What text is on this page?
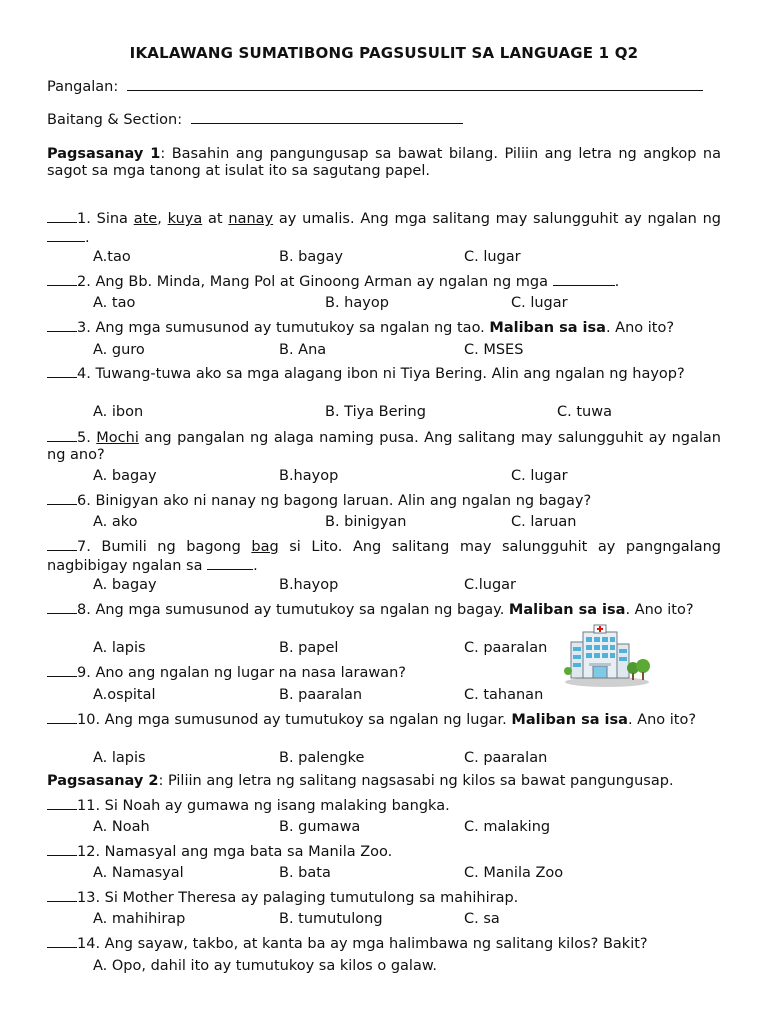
IKALAWANG SUMATIBONG PAGSUSULIT SA LANGUAGE 1 Q2
Pangalan:
Baitang & Section:
Pagsasanay 1: Basahin ang pangungusap sa bawat bilang. Piliin ang letra ng angkop na sagot sa mga tanong at isulat ito sa sagutang papel.
1. Sina ate, kuya at nanay ay umalis. Ang mga salitang may salungguhit ay ngalan ng .
A.tao	B. bagay	C. lugar
2. Ang Bb. Minda, Mang Pol at Ginoong Arman ay ngalan ng mga	.
A. tao	B. hayop	C. lugar
3. Ang mga sumusunod ay tumutukoy sa ngalan ng tao. Maliban sa isa. Ano ito?
A. guro	B. Ana	C. MSES
4. Tuwang-tuwa ako sa mga alagang ibon ni Tiya Bering. Alin ang ngalan ng hayop?
A. ibon	B. Tiya Bering	C. tuwa
5. Mochi ang pangalan ng alaga naming pusa. Ang salitang may salungguhit ay ngalan ng ano?
A. bagay	B.hayop	C. lugar
6. Binigyan ako ni nanay ng bagong laruan. Alin ang ngalan ng bagay?
A. ako	B. binigyan	C. laruan
7. Bumili ng bagong bag si Lito. Ang salitang may salungguhit ay pangngalang nagbibigay ngalan sa	.
A. bagay	B.hayop	C.lugar
8. Ang mga sumusunod ay tumutukoy sa ngalan ng bagay. Maliban sa isa. Ano ito?
A. lapis	B. papel	C. paaralan
9. Ano ang ngalan ng lugar na nasa larawan?
A.ospital	B. paaralan	C. tahanan
10. Ang mga sumusunod ay tumutukoy sa ngalan ng lugar. Maliban sa isa. Ano ito?
A. lapis	B. palengke	C. paaralan
Pagsasanay 2: Piliin ang letra ng salitang nagsasabi ng kilos sa bawat pangungusap.
11. Si Noah ay gumawa ng isang malaking bangka.
A. Noah	B. gumawa	C. malaking
12. Namasyal ang mga bata sa Manila Zoo.
A. Namasyal	B. bata	C. Manila Zoo
13. Si Mother Theresa ay palaging tumutulong sa mahihirap.
A. mahihirap	B. tumutulong	C. sa
14. Ang sayaw, takbo, at kanta ba ay mga halimbawa ng salitang kilos? Bakit?
A. Opo, dahil ito ay tumutukoy sa kilos o galaw.
